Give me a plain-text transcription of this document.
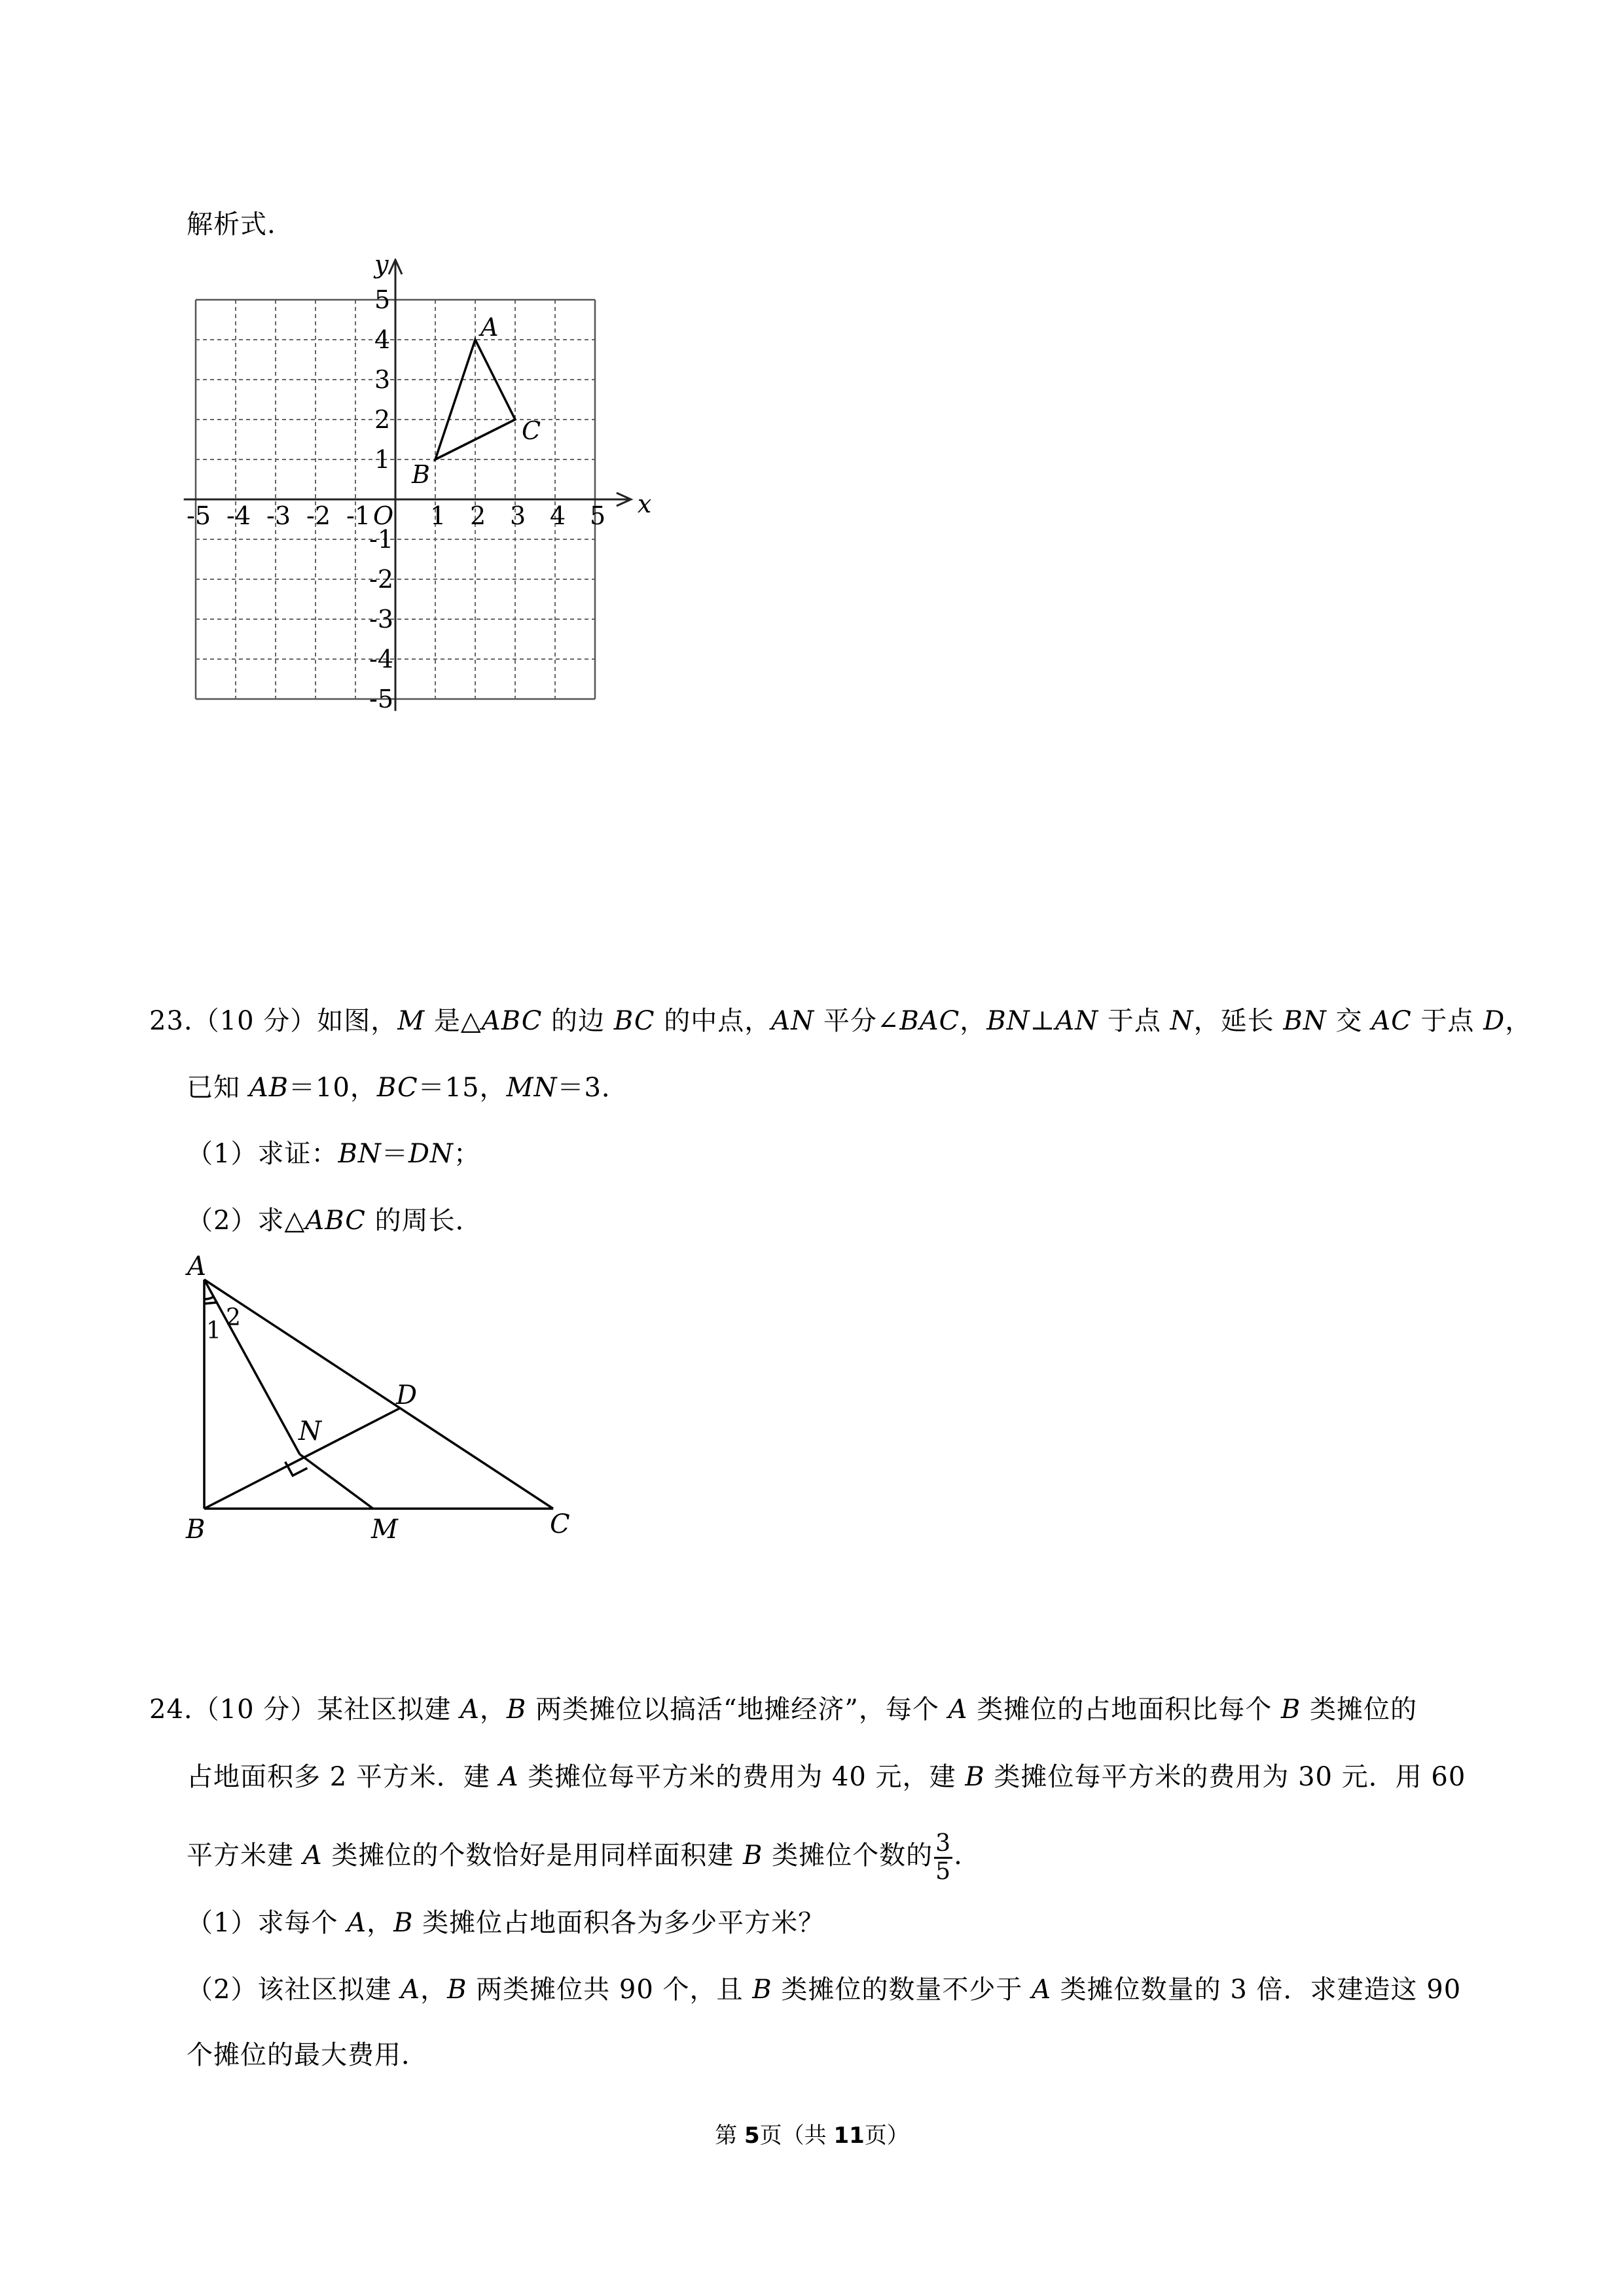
解析式.
x
y
O
-5 -4 -3 -2 -1 1 2 3 4 5
5
4
3
2
1
-1
-2
-3
-4
-5
A
B
C
23.（10 分）如图，M 是△ABC 的边 BC 的中点，AN 平分∠BAC，BN⊥AN 于点 N，延长 BN 交 AC 于点 D，
已知 AB＝10，BC＝15，MN＝3．
（1）求证：BN＝DN；
（2）求△ABC 的周长．
A
B	C
D
M
N
1 2
24.（10 分）某社区拟建 A，B 两类摊位以搞活“地摊经济”，每个 A 类摊位的占地面积比每个 B 类摊位的
占地面积多 2 平方米．建 A 类摊位每平方米的费用为 40 元，建 B 类摊位每平方米的费用为 30 元．用 60
平方米建 A 类摊位的个数恰好是用同样面积建 B 类摊位个数的 $\frac{3}{5}$ .
（1）求每个 A，B 类摊位占地面积各为多少平方米？
（2）该社区拟建 A，B 两类摊位共 90 个，且 B 类摊位的数量不少于 A 类摊位数量的 3 倍．求建造这 90
个摊位的最大费用．
第 5页（共 11页）
